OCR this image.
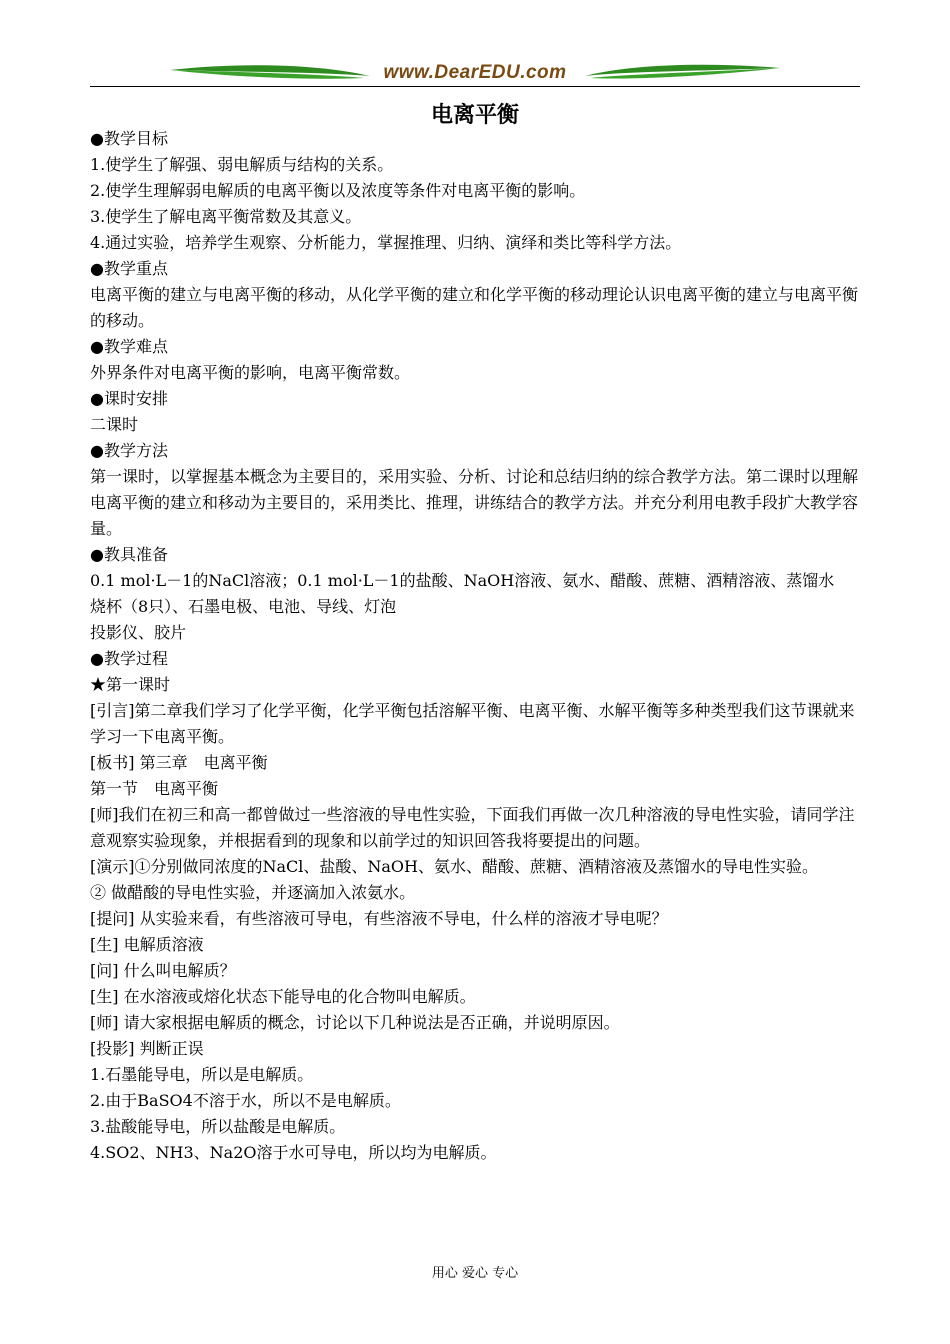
www.DearEDU.com
电离平衡

●教学目标

1.使学生了解强、弱电解质与结构的关系。

2.使学生理解弱电解质的电离平衡以及浓度等条件对电离平衡的影响。

3.使学生了解电离平衡常数及其意义。

4.通过实验，培养学生观察、分析能力，掌握推理、归纳、演绎和类比等科学方法。

●教学重点

电离平衡的建立与电离平衡的移动，从化学平衡的建立和化学平衡的移动理论认识电离平衡的建立与电离平衡的移动。

●教学难点

外界条件对电离平衡的影响，电离平衡常数。

●课时安排

二课时

●教学方法

第一课时，以掌握基本概念为主要目的，采用实验、分析、讨论和总结归纳的综合教学方法。第二课时以理解电离平衡的建立和移动为主要目的，采用类比、推理，讲练结合的教学方法。并充分利用电教手段扩大教学容量。

●教具准备

0.1 mol·L－1的NaCl溶液；0.1 mol·L－1的盐酸、NaOH溶液、氨水、醋酸、蔗糖、酒精溶液、蒸馏水

烧杯（8只）、石墨电极、电池、导线、灯泡

投影仪、胶片

●教学过程

★第一课时

[引言]第二章我们学习了化学平衡，化学平衡包括溶解平衡、电离平衡、水解平衡等多种类型我们这节课就来学习一下电离平衡。

[板书] 第三章　电离平衡

第一节　电离平衡

[师]我们在初三和高一都曾做过一些溶液的导电性实验，下面我们再做一次几种溶液的导电性实验，请同学注意观察实验现象，并根据看到的现象和以前学过的知识回答我将要提出的问题。

[演示]①分别做同浓度的NaCl、盐酸、NaOH、氨水、醋酸、蔗糖、酒精溶液及蒸馏水的导电性实验。

② 做醋酸的导电性实验，并逐滴加入浓氨水。

[提问] 从实验来看，有些溶液可导电，有些溶液不导电，什么样的溶液才导电呢？

[生] 电解质溶液

[问] 什么叫电解质？

[生] 在水溶液或熔化状态下能导电的化合物叫电解质。

[师] 请大家根据电解质的概念，讨论以下几种说法是否正确，并说明原因。

[投影] 判断正误

1.石墨能导电，所以是电解质。

2.由于BaSO4不溶于水，所以不是电解质。

3.盐酸能导电，所以盐酸是电解质。

4.SO2、NH3、Na2O溶于水可导电，所以均为电解质。

用心 爱心 专心
